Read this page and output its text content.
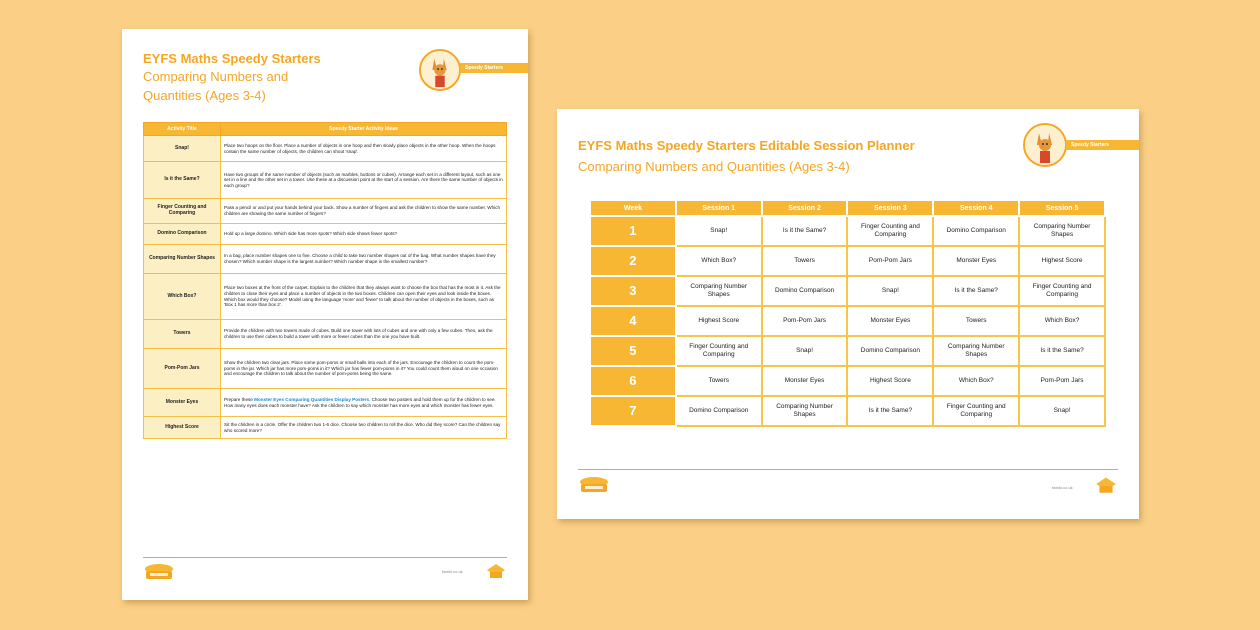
EYFS Maths Speedy Starters
Comparing Numbers and
Quantities (Ages 3-4)
Speedy Starters
Activity Title	Speedy Starter Activity Ideas
Snap!	Place two hoops on the floor. Place a number of objects in one hoop and then slowly place objects in the other hoop. When the hoops contain the same number of objects, the children can shout 'snap'.
Is it the Same?	Have two groups of the same number of objects (such as marbles, buttons or cubes). Arrange each set in a different layout, such as one set in a line and the other set in a tower. Use these at a discussion point at the start of a session. Are there the same number of objects in each group?
Finger Counting and Comparing	Pass a pencil or and put your hands behind your back. Show a number of fingers and ask the children to show the same number. Which children are showing the same number of fingers?
Domino Comparison	Hold up a large domino. Which side has more spots? Which side shows fewer spots?
Comparing Number Shapes	In a bag, place number shapes one to five. Choose a child to take two number shapes out of the bag. What number shapes have they chosen? Which number shape is the largest number? Which number shape is the smallest number?
Which Box?	Place two boxes at the front of the carpet. Explain to the children that they always want to choose the box that has the most in it. Ask the children to close their eyes and place a number of objects in the two boxes. Children can open their eyes and look inside the boxes. Which box would they choose? Model using the language 'more' and 'fewer' to talk about the number of objects in the boxes, such as 'Box 1 has more than box 2'.
Towers	Provide the children with two towers made of cubes. Build one tower with lots of cubes and one with only a few cubes. Then, ask the children to use their cubes to build a tower with more or fewer cubes than the one you have built.
Pom-Pom Jars	Show the children two clear jars. Place some pom-poms or small balls into each of the jars. Encourage the children to count the pom-poms in the jar. Which jar has more pom-poms in it? Which jar has fewer pom-poms in it? You could count them aloud on one occasion and encourage the children to talk about the number of pom-poms being the same.
Monster Eyes	Prepare these Monster Eyes Comparing Quantities Display Posters. Choose two posters and hold them up for the children to see. How many eyes does each monster have? Ask the children to say which monster has more eyes and which monster has fewer eyes.
Highest Score	Sit the children in a circle. Offer the children two 1-6 dice. Choose two children to roll the dice. Who did they score? Can the children say who scored more?
twinkl.co.uk
EYFS Maths Speedy Starters Editable Session Planner
Comparing Numbers and Quantities (Ages 3-4)
Speedy Starters
Week	Session 1	Session 2	Session 3	Session 4	Session 5
1	Snap!	Is it the Same?	Finger Counting and Comparing	Domino Comparison	Comparing Number Shapes
2	Which Box?	Towers	Pom-Pom Jars	Monster Eyes	Highest Score
3	Comparing Number Shapes	Domino Comparison	Snap!	Is it the Same?	Finger Counting and Comparing
4	Highest Score	Pom-Pom Jars	Monster Eyes	Towers	Which Box?
5	Finger Counting and Comparing	Snap!	Domino Comparison	Comparing Number Shapes	Is it the Same?
6	Towers	Monster Eyes	Highest Score	Which Box?	Pom-Pom Jars
7	Domino Comparison	Comparing Number Shapes	Is it the Same?	Finger Counting and Comparing	Snap!
twinkl.co.uk
